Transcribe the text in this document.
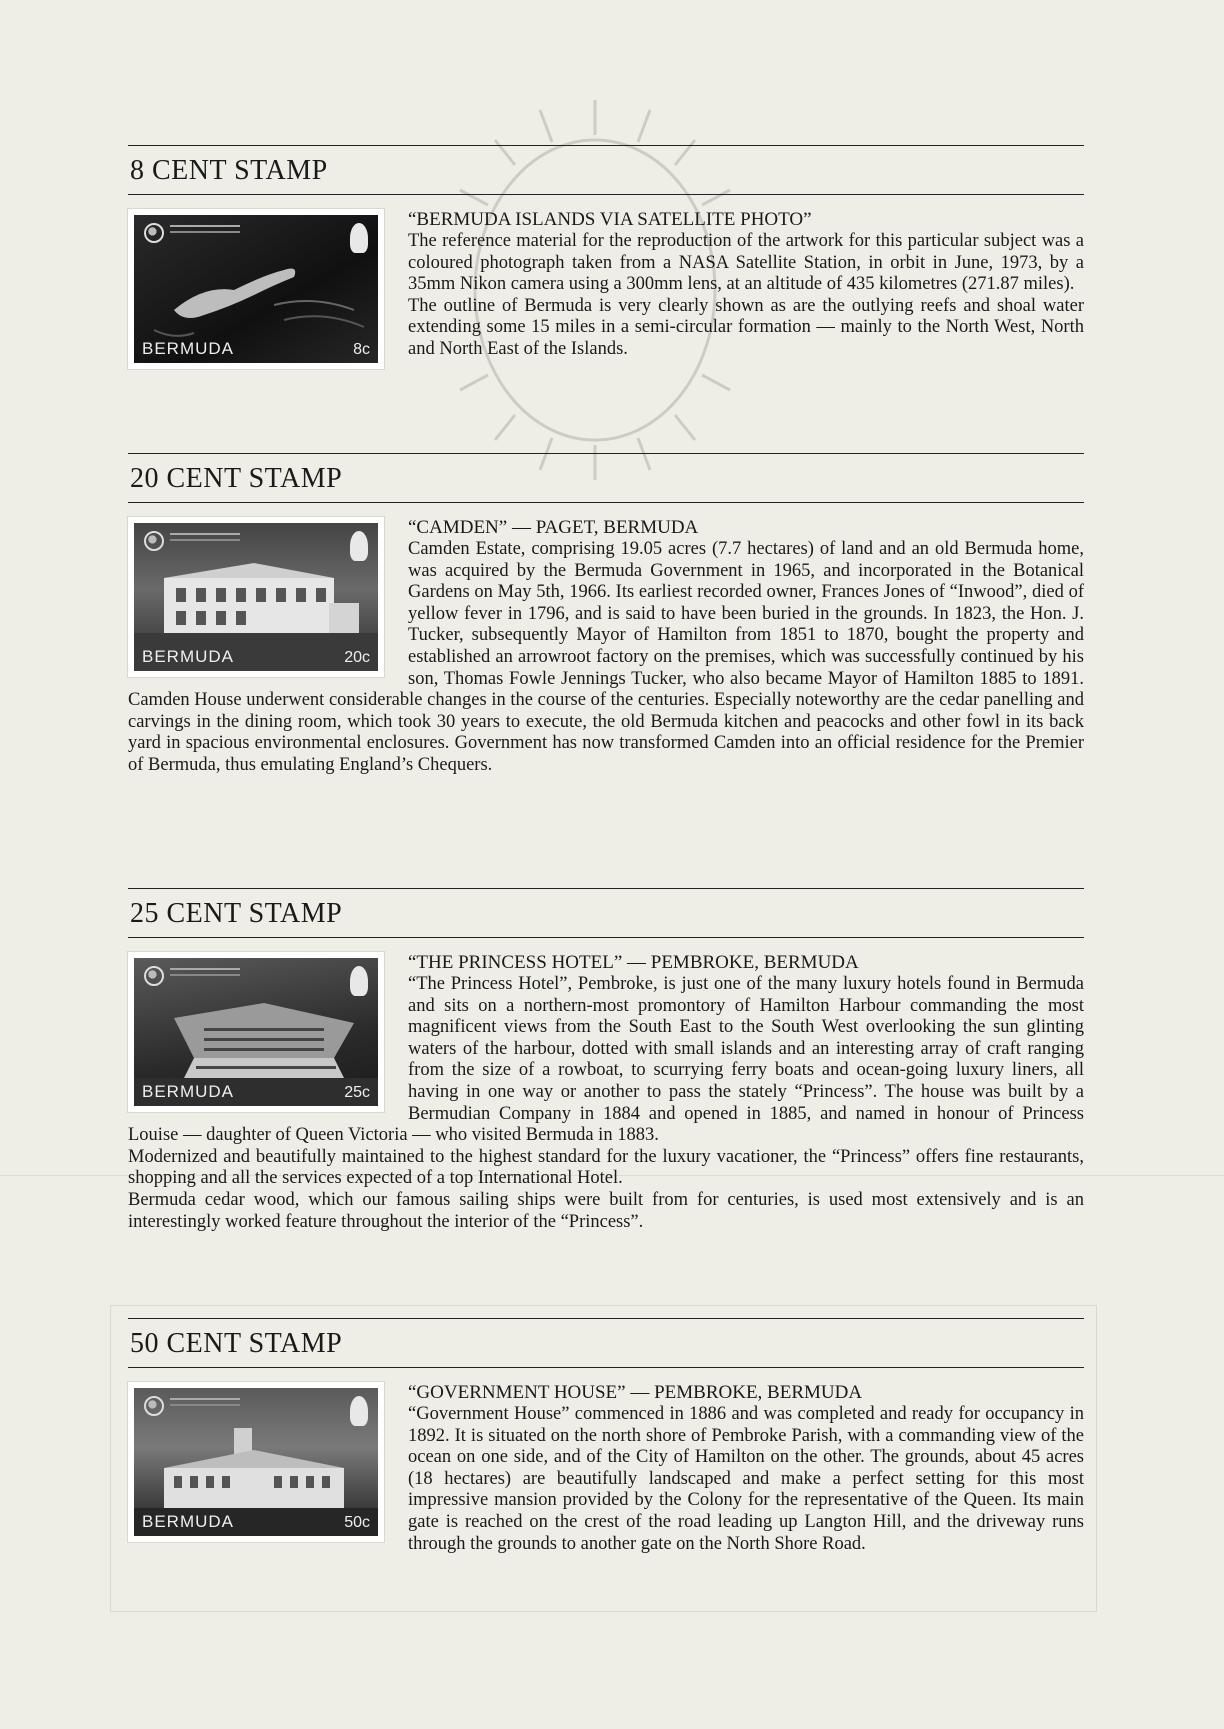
8 CENT STAMP
BERMUDA	8c

“BERMUDA ISLANDS VIA SATELLITE PHOTO”

The reference material for the reproduction of the artwork for this particular subject was a coloured photograph taken from a NASA Satellite Station, in orbit in June, 1973, by a 35mm Nikon camera using a 300mm lens, at an altitude of 435 kilometres (271.87 miles).

The outline of Bermuda is very clearly shown as are the outlying reefs and shoal water extending some 15 miles in a semi-circular formation — mainly to the North West, North and North East of the Islands.

20 CENT STAMP
BERMUDA	20c

“CAMDEN” — PAGET, BERMUDA

Camden Estate, comprising 19.05 acres (7.7 hectares) of land and an old Bermuda home, was acquired by the Bermuda Government in 1965, and incorporated in the Botanical Gardens on May 5th, 1966. Its earliest recorded owner, Frances Jones of “Inwood”, died of yellow fever in 1796, and is said to have been buried in the grounds. In 1823, the Hon. J. Tucker, subsequently Mayor of Hamilton from 1851 to 1870, bought the property and established an arrowroot factory on the premises, which was successfully continued by his son, Thomas Fowle Jennings Tucker, who also became Mayor of Hamilton 1885 to 1891. Camden House underwent considerable changes in the course of the centuries. Especially noteworthy are the cedar panelling and carvings in the dining room, which took 30 years to execute, the old Bermuda kitchen and peacocks and other fowl in its back yard in spacious environmental enclosures. Government has now transformed Camden into an official residence for the Premier of Bermuda, thus emulating England’s Chequers.

25 CENT STAMP
BERMUDA	25c

“THE PRINCESS HOTEL” — PEMBROKE, BERMUDA

“The Princess Hotel”, Pembroke, is just one of the many luxury hotels found in Bermuda and sits on a northern-most promontory of Hamilton Harbour commanding the most magnificent views from the South East to the South West overlooking the sun glinting waters of the harbour, dotted with small islands and an interesting array of craft ranging from the size of a rowboat, to scurrying ferry boats and ocean-going luxury liners, all having in one way or another to pass the stately “Princess”. The house was built by a Bermudian Company in 1884 and opened in 1885, and named in honour of Princess Louise — daughter of Queen Victoria — who visited Bermuda in 1883.

Modernized and beautifully maintained to the highest standard for the luxury vacationer, the “Princess” offers fine restaurants, shopping and all the services expected of a top International Hotel.

Bermuda cedar wood, which our famous sailing ships were built from for centuries, is used most extensively and is an interestingly worked feature throughout the interior of the “Princess”.

50 CENT STAMP
BERMUDA	50c

“GOVERNMENT HOUSE” — PEMBROKE, BERMUDA

“Government House” commenced in 1886 and was completed and ready for occupancy in 1892. It is situated on the north shore of Pembroke Parish, with a commanding view of the ocean on one side, and of the City of Hamilton on the other. The grounds, about 45 acres (18 hectares) are beautifully landscaped and make a perfect setting for this most impressive mansion provided by the Colony for the representative of the Queen. Its main gate is reached on the crest of the road leading up Langton Hill, and the driveway runs through the grounds to another gate on the North Shore Road.
